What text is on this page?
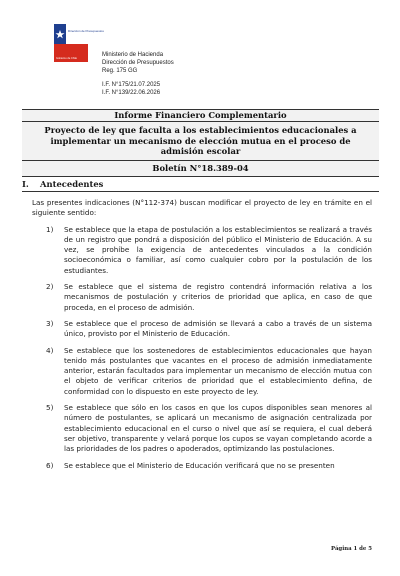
Dirección de Presupuestos
Gobierno de Chile
Ministerio de Hacienda
Dirección de Presupuestos
Reg. 175 GG
I.F. N°175/21.07.2025
I.F. N°139/22.06.2026
Informe Financiero Complementario
Proyecto de ley que faculta a los establecimientos educacionales a implementar un mecanismo de elección mutua en el proceso de admisión escolar
Boletín N°18.389-04
I. Antecedentes
Las presentes indicaciones (N°112-374) buscan modificar el proyecto de ley en trámite en el siguiente sentido:
1) Se establece que la etapa de postulación a los establecimientos se realizará a través de un registro que pondrá a disposición del público el Ministerio de Educación. A su vez, se prohíbe la exigencia de antecedentes vinculados a la condición socioeconómica o familiar, así como cualquier cobro por la postulación de los estudiantes.
2) Se establece que el sistema de registro contendrá información relativa a los mecanismos de postulación y criterios de prioridad que aplica, en caso de que proceda, en el proceso de admisión.
3) Se establece que el proceso de admisión se llevará a cabo a través de un sistema único, provisto por el Ministerio de Educación.
4) Se establece que los sostenedores de establecimientos educacionales que hayan tenido más postulantes que vacantes en el proceso de admisión inmediatamente anterior, estarán facultados para implementar un mecanismo de elección mutua con el objeto de verificar criterios de prioridad que el establecimiento defina, de conformidad con lo dispuesto en este proyecto de ley.
5) Se establece que sólo en los casos en que los cupos disponibles sean menores al número de postulantes, se aplicará un mecanismo de asignación centralizada por establecimiento educacional en el curso o nivel que así se requiera, el cual deberá ser objetivo, transparente y velará porque los cupos se vayan completando acorde a las prioridades de los padres o apoderados, optimizando las postulaciones.
6) Se establece que el Ministerio de Educación verificará que no se presenten
Página 1 de 5
